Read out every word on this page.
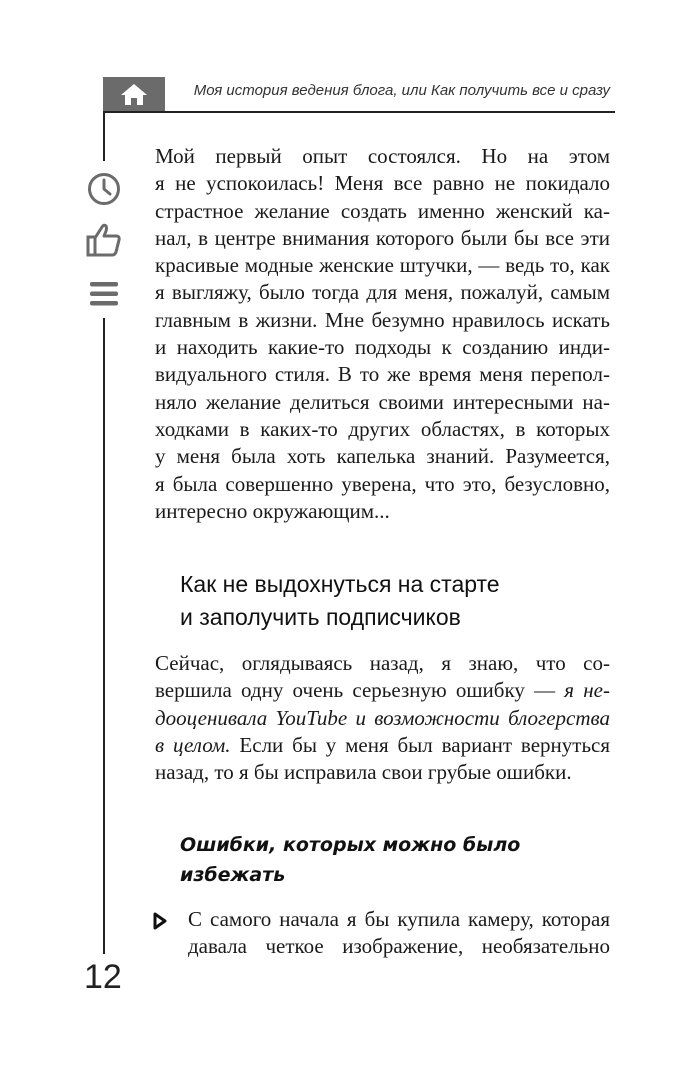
Моя история ведения блога, или Как получить все и сразу

Мой первый опыт состоялся. Но на этом
я не успокоилась! Меня все равно не покидало
страстное желание создать именно женский ка-
нал, в центре внимания которого были бы все эти
красивые модные женские штучки, — ведь то, как
я выгляжу, было тогда для меня, пожалуй, самым
главным в жизни. Мне безумно нравилось искать
и находить какие-то подходы к созданию инди-
видуального стиля. В то же время меня перепол-
няло желание делиться своими интересными на-
ходками в каких-то других областях, в которых
у меня была хоть капелька знаний. Разумеется,
я была совершенно уверена, что это, безусловно,
интересно окружающим...

Как не выдохнуться на старте
и заполучить подписчиков

Сейчас, оглядываясь назад, я знаю, что со-
вершила одну очень серьезную ошибку — я не-
дооценивала YouTube и возможности блогерства
в целом. Если бы у меня был вариант вернуться
назад, то я бы исправила свои грубые ошибки.

Ошибки, которых можно было
избежать

С самого начала я бы купила камеру, которая
давала четкое изображение, необязательно

12
